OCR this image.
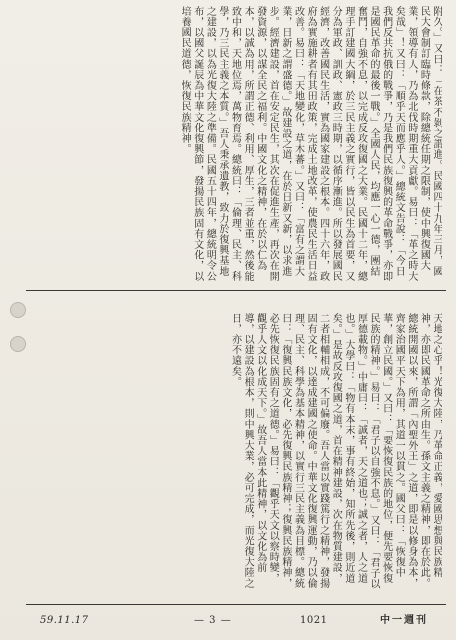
附久。」又曰：「在茶不剝之謂進。民國四十九年三月，國民大會制訂臨時條款，除總統任期之限制，使中興復國大業，領導有人，乃為北伐時期重大貢獻。易曰：「革之時大矣哉」！又曰：「順乎天而應乎人。」總統文告說：「今日我們反共抗俄的戰爭，乃是我們民族復興的革命戰爭，亦即是國民革命的最後一戰。」全國人民，均應一心一德，團結奮鬥，自強不息，以完成反攻復國之大業。民國十二年，總理手訂建國大綱，於三民主義之實行，皆以民生為首要，又分為軍政、訓政、憲政三時期，以循序漸進。所以發展國民經濟，改善國民生活，實為國家建設之根本。四十六年，政府為實施耕者有其田政策，完成土地改革，使農民生活日益改善。易曰：「天地變化，草木蕃。」又曰：「富有之謂大業，日新之謂盛德。」故建設之道，在於日新又新，以求進步。經濟建設，首在安定民生，其次在促進生產，再次在開發資源，以謀全民之福利。中國文化之精神，在於以仁為本，以誠為用，所謂正德、利用、厚生，三者並重，然後能致中和，天地位焉，萬物育焉。總統曰：「倫理、民主、科學，乃三民主義之本質。」吾人秉承遺教，致力於復興基地之建設，以為光復大陸之準備。民國五十四年，總統明令公布，以國父誕辰為中華文化復興節，發揚民族固有文化，以培養國民道德，恢復民族精神。
天地之心乎！光復大陸，乃革命正義，愛國思想與民族精神，亦即民國革命之所由生。孫文主義之精神，即在於此。總統開國以來，所謂「內聖外王」之道，即是以修身為本，齊家治國平天下為用，其道一以貫之。國父曰：「恢復中華，創立民國。」又曰：「要恢復民族的地位，便先要恢復民族的精神。」易曰：「君子以自強不息。」又曰：「君子以厚德載物。」中庸曰：「誠者，天之道也；誠之者，人之道也。」大學曰：「物有本末，事有終始，知所先後，則近道矣。」是故反攻復國之道，首在精神建設，次在物質建設，二者相輔相成，不可偏廢。吾人當以實踐篤行之精神，發揚固有文化，以達成建國之使命。中華文化復興運動，乃以倫理、民主、科學為基本精神，以實行三民主義為目標。總統曰：「復興民族文化，必先復興民族精神；復興民族精神，必先恢復民族固有之道德。」易曰：「觀乎天文以察時變，觀乎人文以化成天下。」故吾人當本此精神，以文化為前導，以建設為根本，則中興大業，必可完成，而光復大陸之日，亦不遠矣。
59.11.17	— 3 —	1021	中一週刊
